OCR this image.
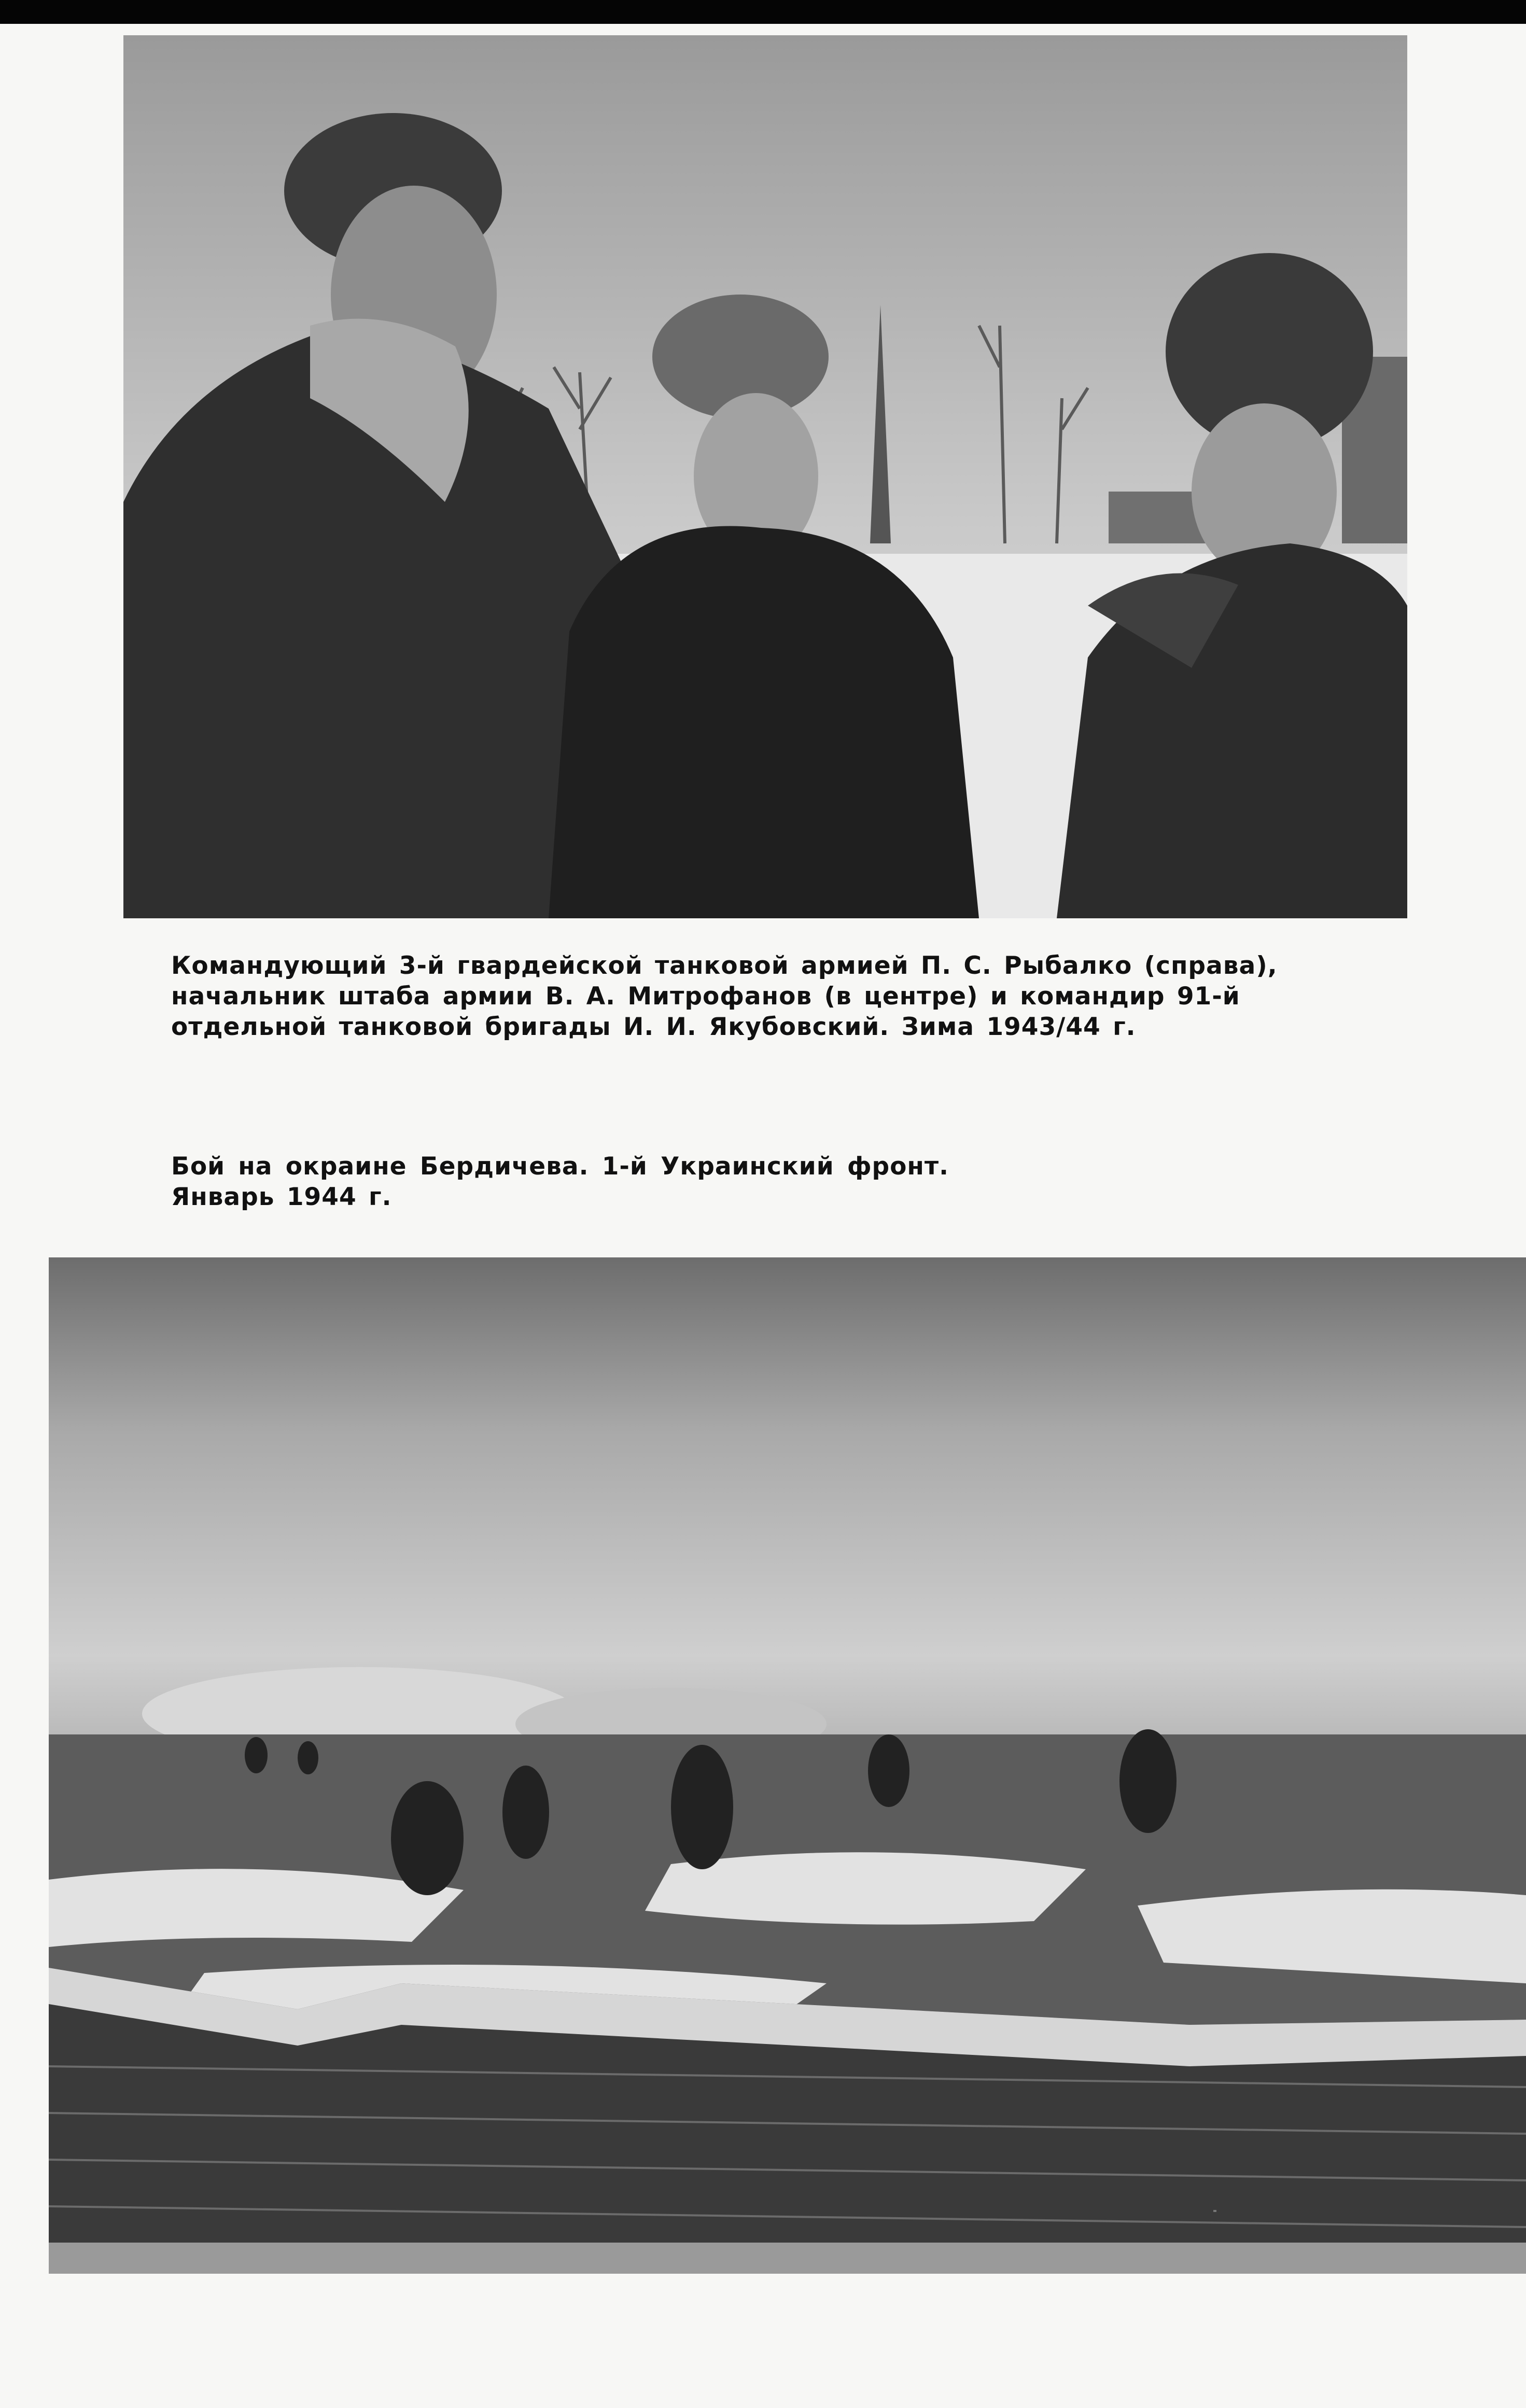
Командующий 3-й гвардейской танковой армией П. С. Рыбалко (справа),
начальник штаба армии В. А. Митрофанов (в центре) и командир 91-й
отдельной танковой бригады И. И. Якубовский. Зима 1943/44 г.

Бой на окраине Бердичева. 1-й Украинский фронт.
Январь 1944 г.
